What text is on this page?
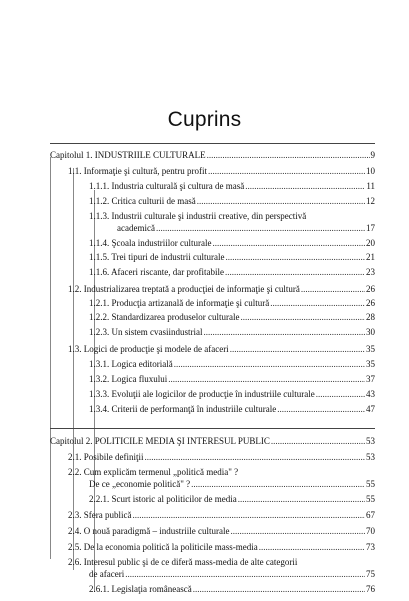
Cuprins
Capitolul 1. INDUSTRIILE CULTURALE .....	9
1.1. Informaţie şi cultură, pentru profit .....	10
1.1.1. Industria culturală şi cultura de masă .....	11
1.1.2. Critica culturii de masă .....	12
1.1.3. Industrii culturale şi industrii creative, din perspectivă
academică .....	17
1.1.4. Şcoala industriilor culturale .....	20
1.1.5. Trei tipuri de industrii culturale .....	21
1.1.6. Afaceri riscante, dar profitabile .....	23
1.2. Industrializarea treptată a producţiei de informaţie şi cultură .....	26
1.2.1. Producţia artizanală de informaţie şi cultură .....	26
1.2.2. Standardizarea produselor culturale .....	28
1.2.3. Un sistem cvasiindustrial .....	30
1.3. Logici de producţie şi modele de afaceri .....	35
1.3.1. Logica editorială .....	35
1.3.2. Logica fluxului .....	37
1.3.3. Evoluţii ale logicilor de producţie în industriile culturale .....	43
1.3.4. Criterii de performanţă în industriile culturale .....	47
Capitolul 2. POLITICILE MEDIA ŞI INTERESUL PUBLIC .....	53
2.1. Posibile definiţii .....	53
2.2. Cum explicăm termenul „politică media" ?
De ce „economie politică" ? .....	55
2.2.1. Scurt istoric al politicilor de media .....	55
2.3. Sfera publică .....	67
2.4. O nouă paradigmă – industriile culturale .....	70
2.5. De la economia politică la politicile mass-media .....	73
2.6. Interesul public şi de ce diferă mass-media de alte categorii
de afaceri .....	75
2.6.1. Legislaţia românească .....	76
